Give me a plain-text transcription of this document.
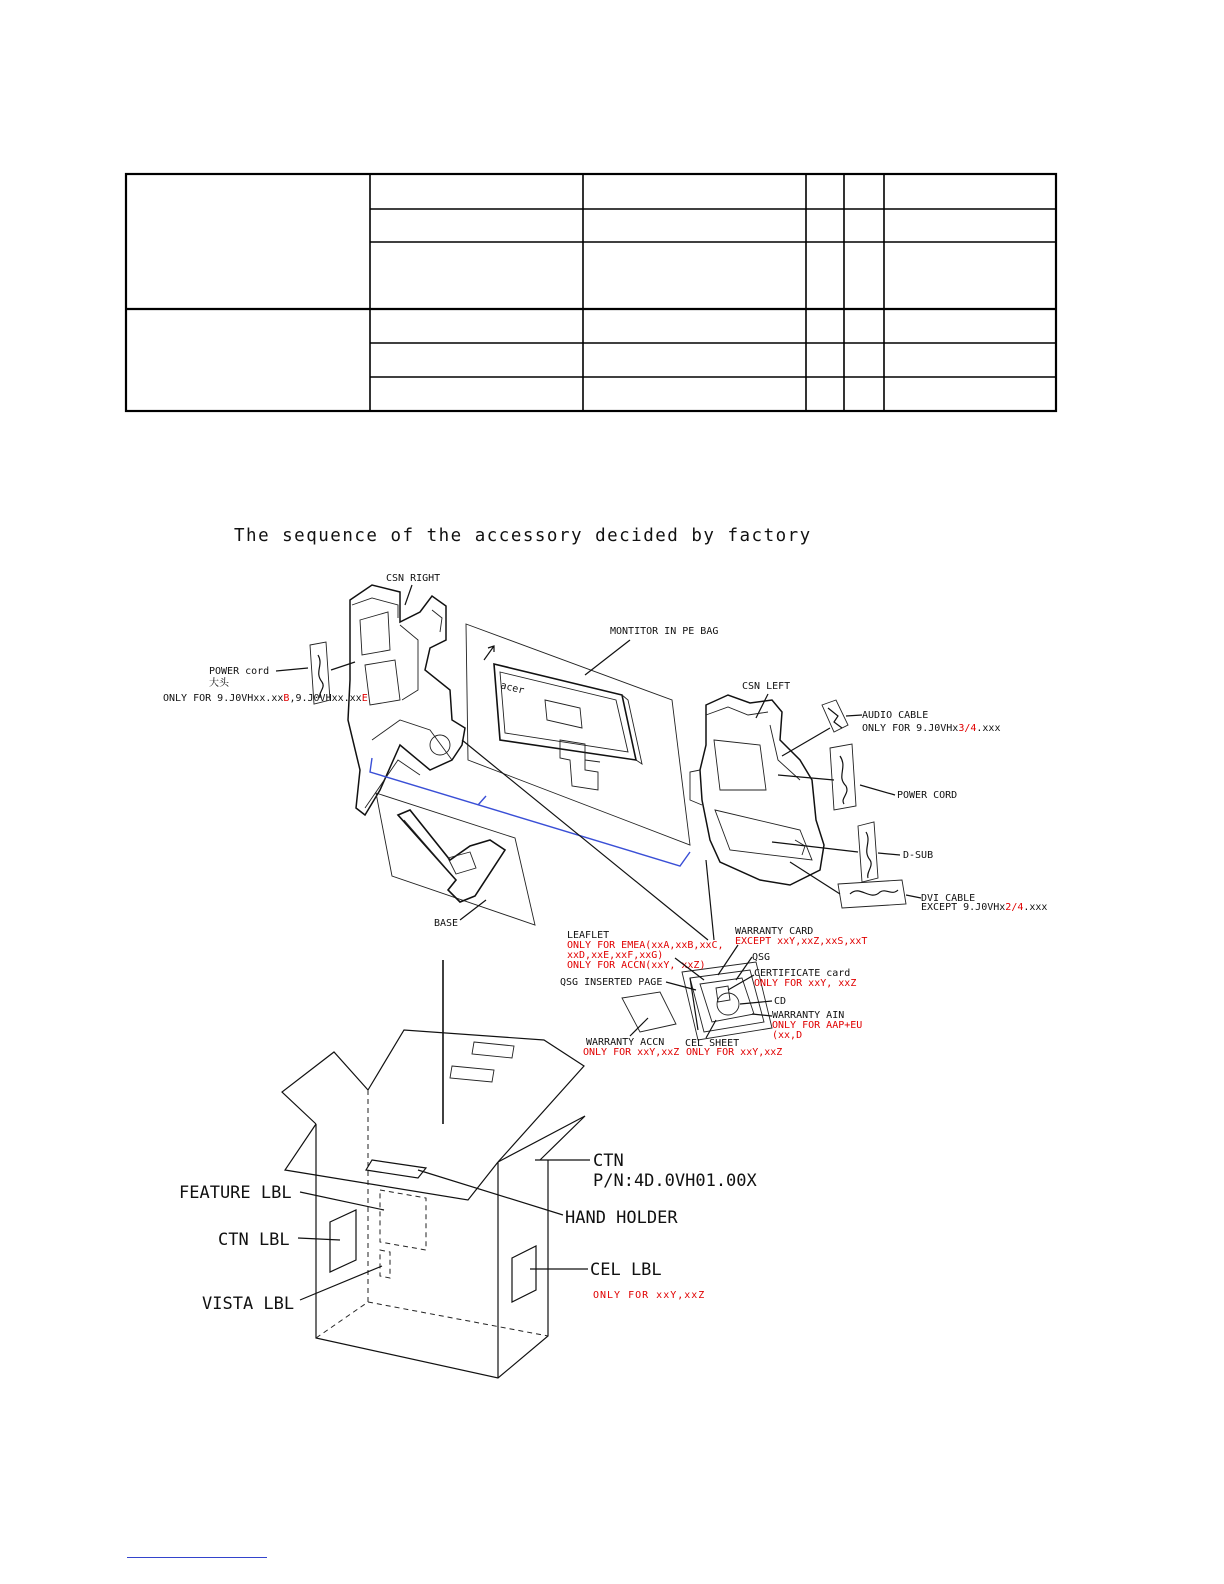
The sequence of the accessory decided by factory
CSN RIGHT
POWER cord
大头
ONLY FOR 9.J0VHxx.xxB,9.J0VHxx.xxE
acer
MONTITOR IN PE BAG
CSN LEFT
AUDIO CABLE
ONLY FOR 9.J0VHx3/4.xxx
POWER CORD
D-SUB
DVI CABLE
EXCEPT 9.J0VHx2/4.xxx
BASE
LEAFLET
ONLY FOR EMEA(xxA,xxB,xxC,
xxD,xxE,xxF,xxG)
ONLY FOR ACCN(xxY, xxZ)
WARRANTY CARD
EXCEPT xxY,xxZ,xxS,xxT
QSG
CERTIFICATE card
ONLY FOR xxY, xxZ
QSG INSERTED PAGE
CD
WARRANTY AIN
ONLY FOR AAP+EU
(xx,D
WARRANTY ACCN
ONLY FOR xxY,xxZ
CEL SHEET
ONLY FOR xxY,xxZ
CTN
P/N:4D.0VH01.00X
HAND HOLDER
FEATURE LBL
CTN LBL
VISTA LBL
CEL LBL
ONLY FOR xxY,xxZ
